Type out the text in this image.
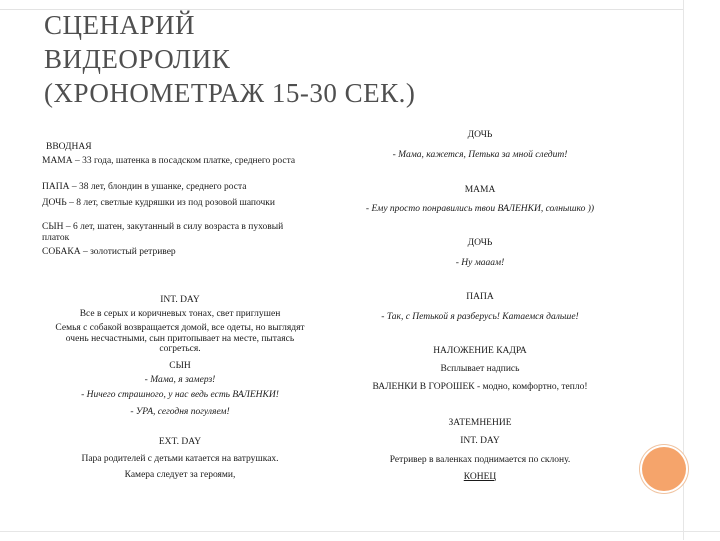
СЦЕНАРИЙ
ВИДЕОРОЛИК
(ХРОНОМЕТРАЖ 15-30 СЕК.)
ВВОДНАЯ
МАМА – 33 года, шатенка в посадском платке, среднего роста
ПАПА – 38 лет, блондин в ушанке, среднего роста
ДОЧЬ – 8 лет, светлые кудряшки из под розовой шапочки
СЫН – 6 лет, шатен, закутанный в силу возраста в пуховый платок
СОБАКА – золотистый ретривер
INT. DAY
Все в серых и коричневых тонах, свет приглушен
Семья с собакой возвращается домой, все одеты, но выглядят очень несчастными, сын притопывает на месте, пытаясь согреться.
СЫН
- Мама, я замерз!
- Ничего страшного, у нас ведь есть ВАЛЕНКИ!
- УРА, сегодня погуляем!
EXT. DAY
Пара родителей с детьми катается на ватрушках.
Камера следует за героями,
ДОЧЬ
- Мама, кажется, Петька за мной следит!
МАМА
- Ему просто понравились твои ВАЛЕНКИ, солнышко ))
ДОЧЬ
- Ну мааам!
ПАПА
- Так, с Петькой я разберусь! Катаемся дальше!
НАЛОЖЕНИЕ КАДРА
Всплывает надпись
ВАЛЕНКИ В ГОРОШЕК - модно, комфортно, тепло!
ЗАТЕМНЕНИЕ
INT. DAY
Ретривер в валенках поднимается по склону.
КОНЕЦ
